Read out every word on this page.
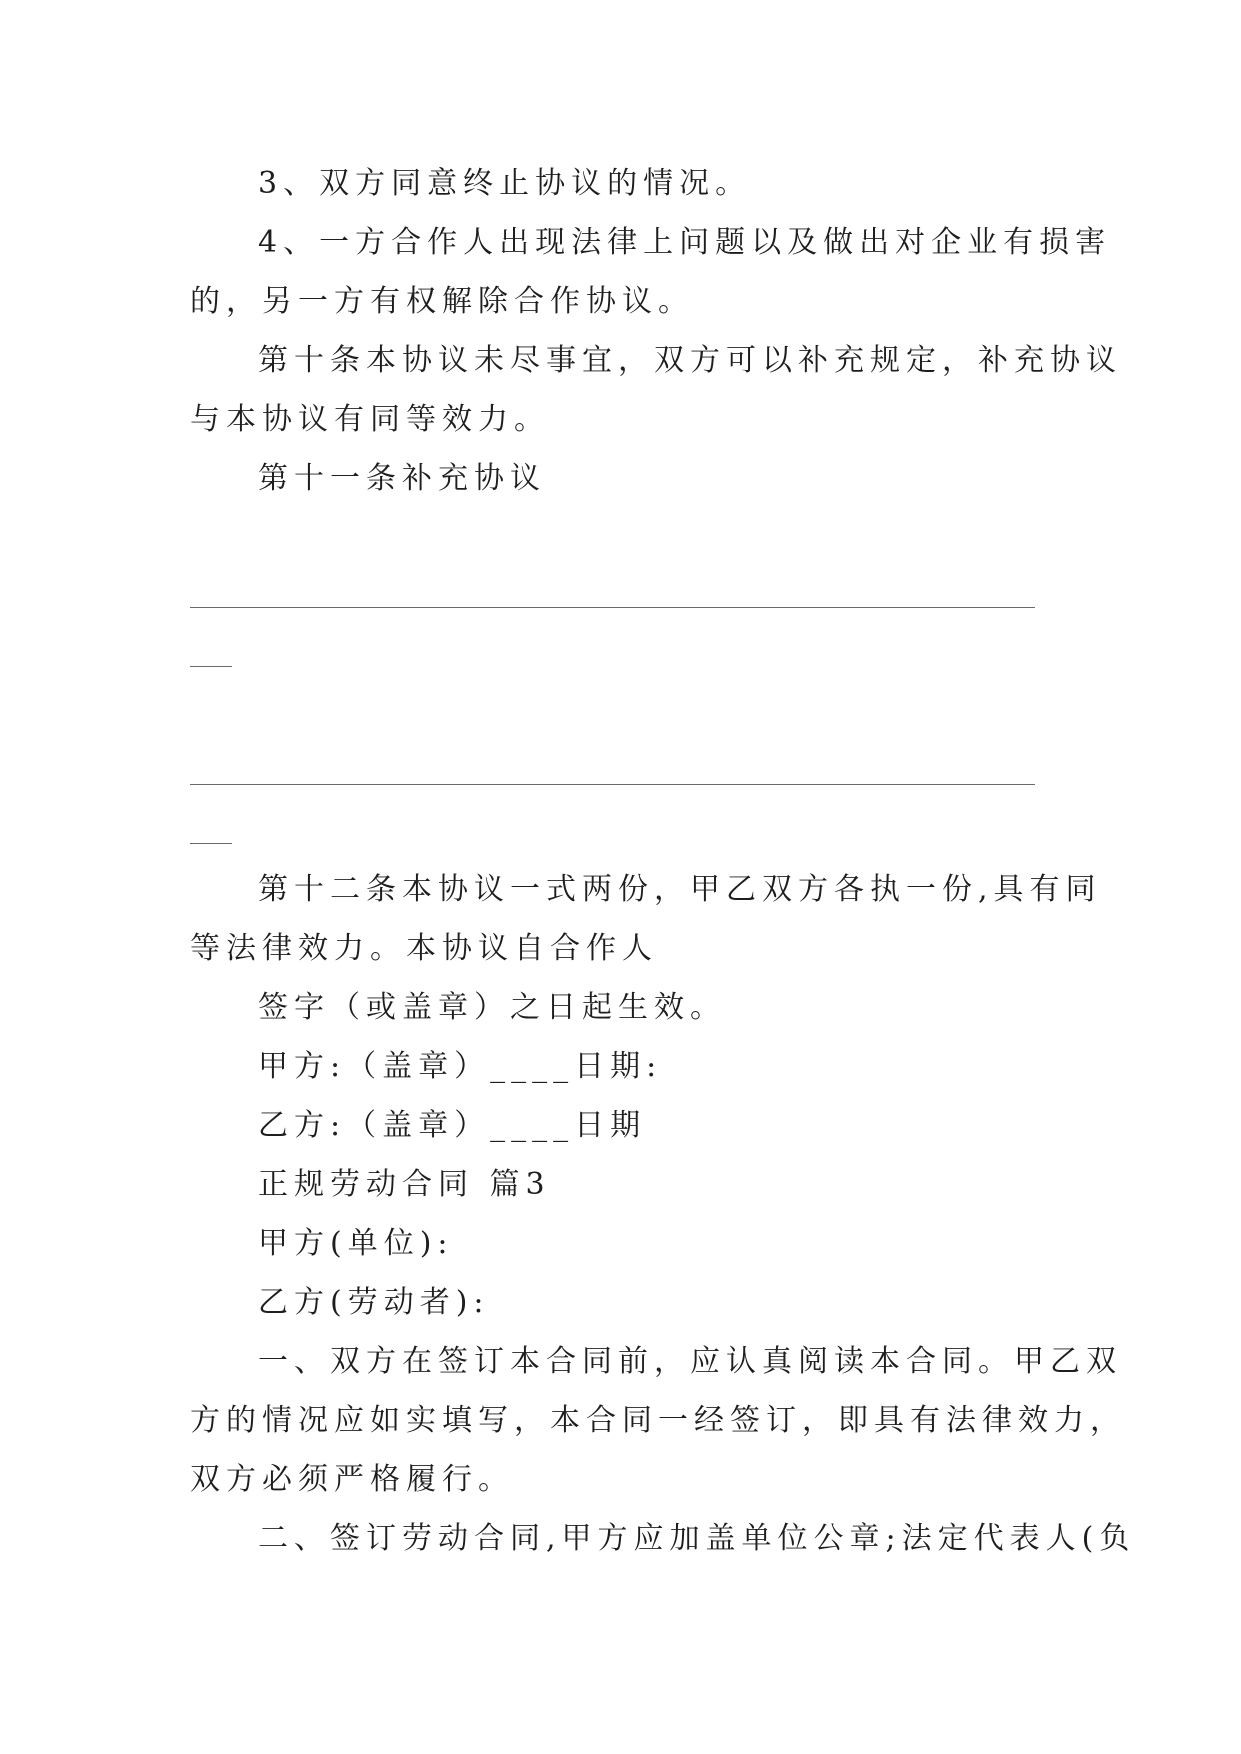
3、双方同意终止协议的情况。
4、一方合作人出现法律上问题以及做出对企业有损害
的，另一方有权解除合作协议。
第十条本协议未尽事宜，双方可以补充规定，补充协议
与本协议有同等效力。
第十一条补充协议
第十二条本协议一式两份，甲乙双方各执一份,具有同
等法律效力。本协议自合作人
签字（或盖章）之日起生效。
甲方:（盖章）____日期:
乙方:（盖章）____日期
正规劳动合同 篇3
甲方(单位):
乙方(劳动者):
一、双方在签订本合同前，应认真阅读本合同。甲乙双
方的情况应如实填写，本合同一经签订，即具有法律效力，
双方必须严格履行。
二、签订劳动合同,甲方应加盖单位公章;法定代表人(负
